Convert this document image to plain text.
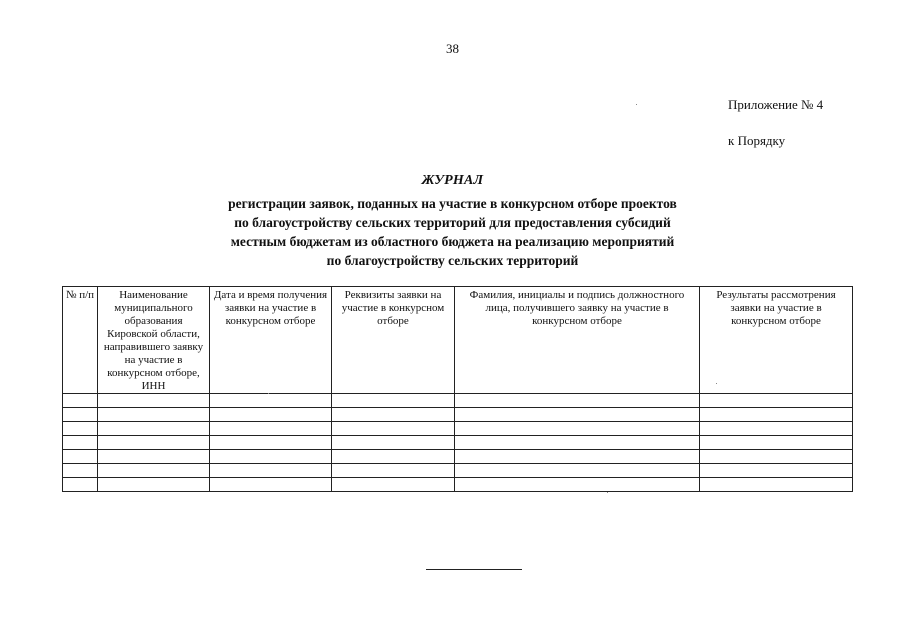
38
Приложение № 4
к Порядку
ЖУРНАЛ
регистрации заявок, поданных на участие в конкурсном отборе проектов
по благоустройству сельских территорий для предоставления субсидий
местным бюджетам из областного бюджета на реализацию мероприятий
по благоустройству сельских территорий
№ п/п	Наименование муниципального образования Кировской области, направившего заявку на участие в конкурсном отборе, ИНН	Дата и время получения заявки на участие в конкурсном отборе	Реквизиты заявки на участие в конкурсном отборе	Фамилия, инициалы и подпись должностного лица, получившего заявку на участие в конкурсном отборе	Результаты рассмотрения заявки на участие в конкурсном отборе
